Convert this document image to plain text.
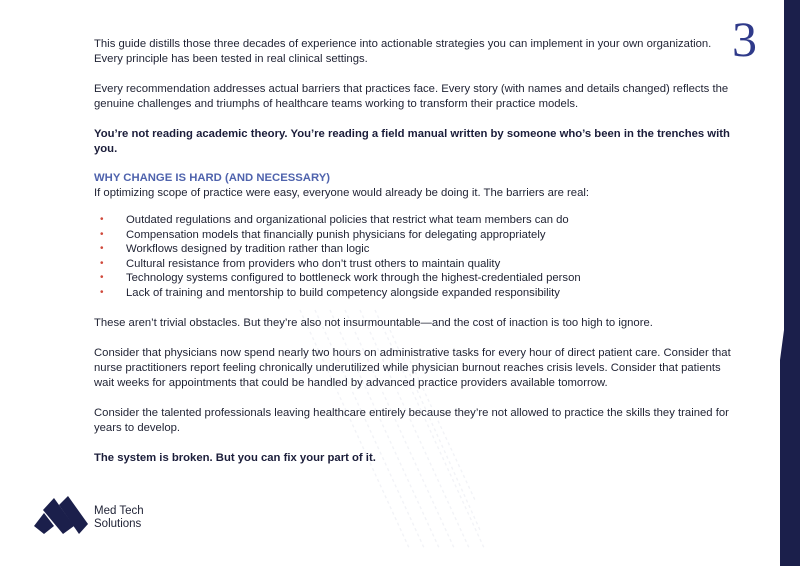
3

This guide distills those three decades of experience into actionable strategies you can implement in your own organization. Every principle has been tested in real clinical settings.

Every recommendation addresses actual barriers that practices face. Every story (with names and details changed) reflects the genuine challenges and triumphs of healthcare teams working to transform their practice models.

You’re not reading academic theory. You’re reading a field manual written by someone who’s been in the trenches with you.

WHY CHANGE IS HARD (AND NECESSARY)

If optimizing scope of practice were easy, everyone would already be doing it. The barriers are real:

• Outdated regulations and organizational policies that restrict what team members can do
• Compensation models that financially punish physicians for delegating appropriately
• Workflows designed by tradition rather than logic
• Cultural resistance from providers who don’t trust others to maintain quality
• Technology systems configured to bottleneck work through the highest-credentialed person
• Lack of training and mentorship to build competency alongside expanded responsibility

These aren’t trivial obstacles. But they’re also not insurmountable—and the cost of inaction is too high to ignore.

Consider that physicians now spend nearly two hours on administrative tasks for every hour of direct patient care. Consider that nurse practitioners report feeling chronically underutilized while physician burnout reaches crisis levels. Consider that patients wait weeks for appointments that could be handled by advanced practice providers available tomorrow.

Consider the talented professionals leaving healthcare entirely because they’re not allowed to practice the skills they trained for years to develop.

The system is broken. But you can fix your part of it.

Med Tech
Solutions
